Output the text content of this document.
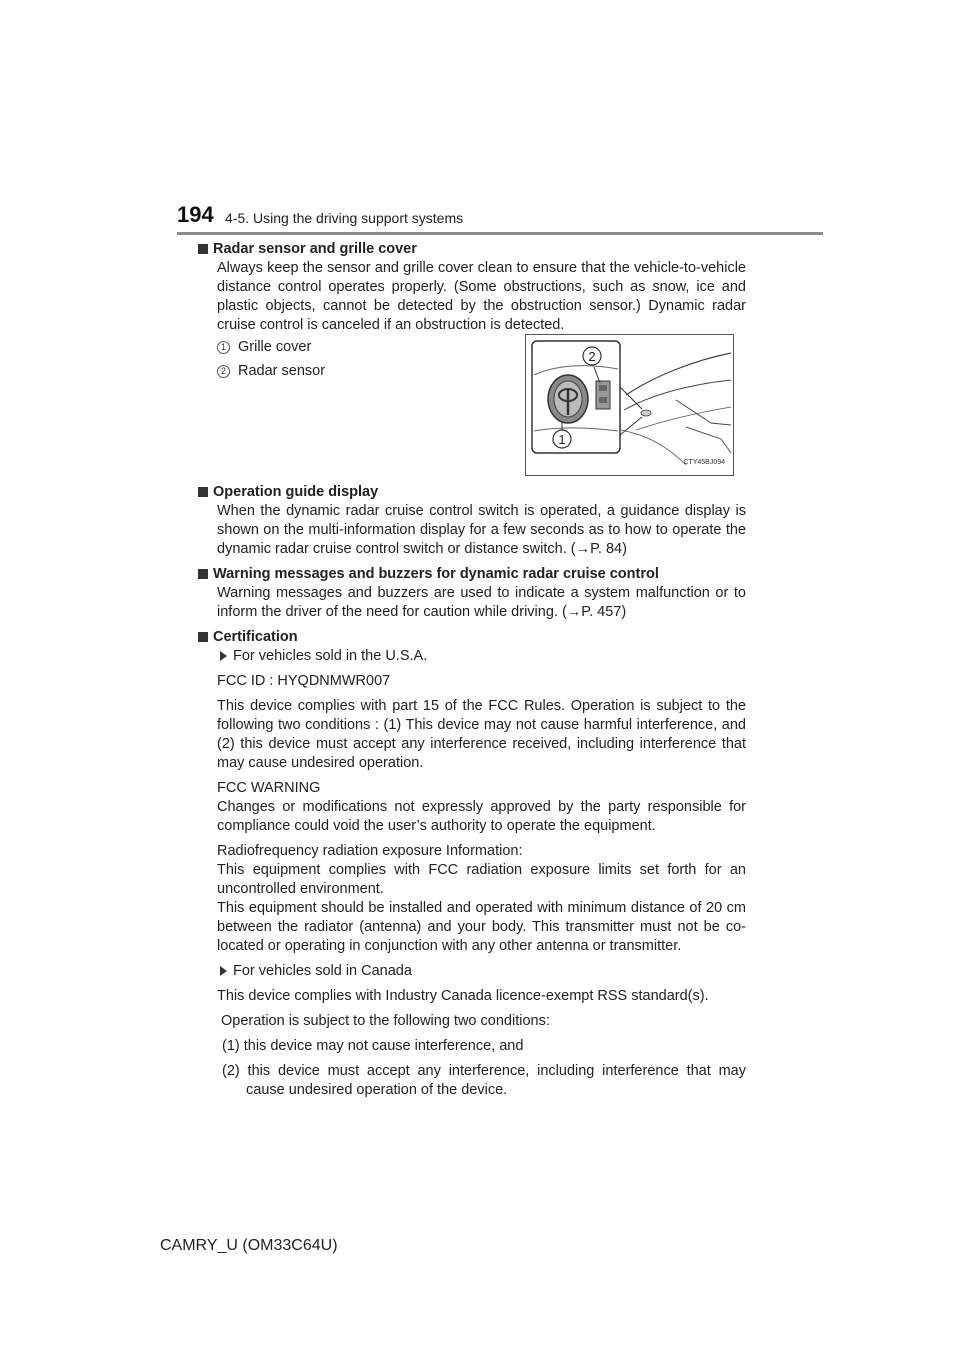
194 4-5. Using the driving support systems

Radar sensor and grille cover

Always keep the sensor and grille cover clean to ensure that the vehicle-to-vehicle distance control operates properly. (Some obstructions, such as snow, ice and plastic objects, cannot be detected by the obstruction sensor.) Dynamic radar cruise control is canceled if an obstruction is detected.

1 Grille cover
2 Radar sensor
2
1
CTY45BJ094

Operation guide display

When the dynamic radar cruise control switch is operated, a guidance display is shown on the multi-information display for a few seconds as to how to operate the dynamic radar cruise control switch or distance switch. (→P. 84)

Warning messages and buzzers for dynamic radar cruise control

Warning messages and buzzers are used to indicate a system malfunction or to inform the driver of the need for caution while driving. (→P. 457)

Certification

For vehicles sold in the U.S.A.

FCC ID : HYQDNMWR007

This device complies with part 15 of the FCC Rules. Operation is subject to the following two conditions : (1) This device may not cause harmful interference, and (2) this device must accept any interference received, including interference that may cause undesired operation.

FCC WARNING

Changes or modifications not expressly approved by the party responsible for compliance could void the user’s authority to operate the equipment.

Radiofrequency radiation exposure Information:

This equipment complies with FCC radiation exposure limits set forth for an uncontrolled environment.

This equipment should be installed and operated with minimum distance of 20 cm between the radiator (antenna) and your body. This transmitter must not be co-located or operating in conjunction with any other antenna or transmitter.

For vehicles sold in Canada

This device complies with Industry Canada licence-exempt RSS standard(s).

Operation is subject to the following two conditions:

(1) this device may not cause interference, and
(2) this device must accept any interference, including interference that may cause undesired operation of the device.
CAMRY_U (OM33C64U)
